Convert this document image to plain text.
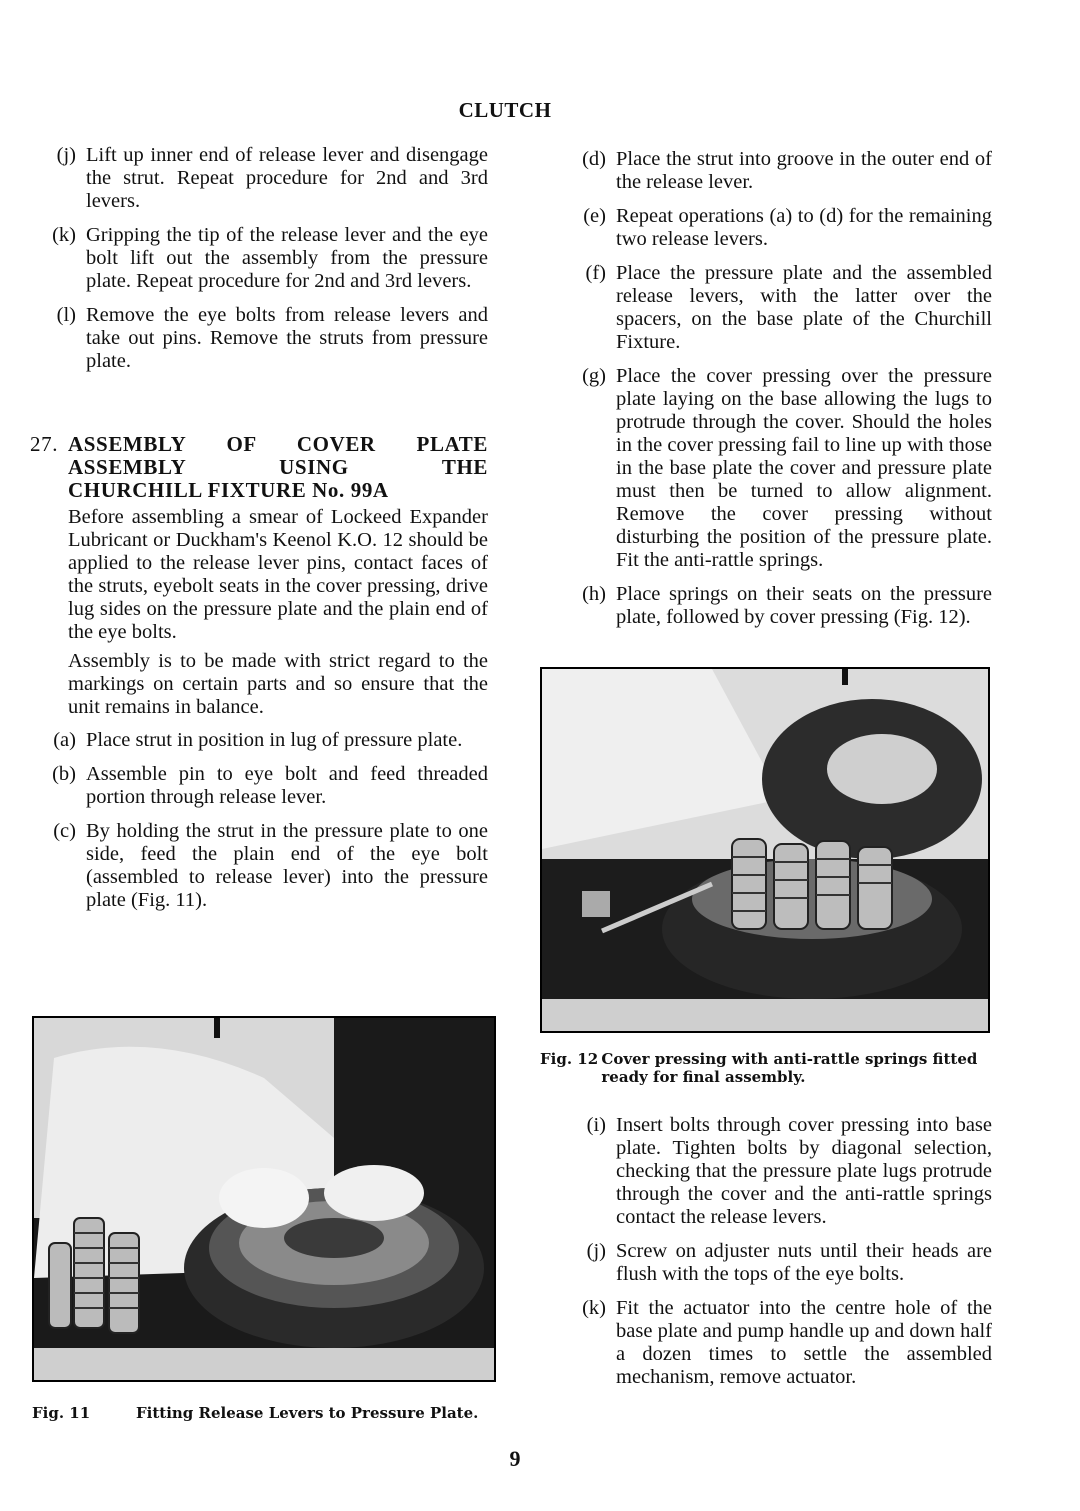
CLUTCH
(j) Lift up inner end of release lever and disengage the strut. Repeat procedure for 2nd and 3rd levers.
(k) Gripping the tip of the release lever and the eye bolt lift out the assembly from the pressure plate. Repeat procedure for 2nd and 3rd levers.
(l) Remove the eye bolts from release levers and take out pins. Remove the struts from pressure plate.
27. ASSEMBLY OF COVER PLATE
ASSEMBLY USING THE
CHURCHILL FIXTURE No. 99A

Before assembling a smear of Lockeed Expander Lubricant or Duckham's Keenol K.O. 12 should be applied to the release lever pins, contact faces of the struts, eyebolt seats in the cover pressing, drive lug sides on the pressure plate and the plain end of the eye bolts.

Assembly is to be made with strict regard to the markings on certain parts and so ensure that the unit remains in balance.

(a) Place strut in position in lug of pressure plate.
(b) Assemble pin to eye bolt and feed threaded portion through release lever.
(c) By holding the strut in the pressure plate to one side, feed the plain end of the eye bolt (assembled to release lever) into the pressure plate (Fig. 11).
Fig. 11	Fitting Release Levers to Pressure Plate.
(d) Place the strut into groove in the outer end of the release lever.
(e) Repeat operations (a) to (d) for the remaining two release levers.
(f) Place the pressure plate and the assembled release levers, with the latter over the spacers, on the base plate of the Churchill Fixture.
(g) Place the cover pressing over the pressure plate laying on the base allowing the lugs to protrude through the cover. Should the holes in the cover pressing fail to line up with those in the base plate the cover and pressure plate must then be turned to allow alignment. Remove the cover pressing without disturbing the position of the pressure plate. Fit the anti-rattle springs.
(h) Place springs on their seats on the pressure plate, followed by cover pressing (Fig. 12).
Fig. 12 Cover pressing with anti-rattle springs fitted ready for final assembly.
(i) Insert bolts through cover pressing into base plate. Tighten bolts by diagonal selection, checking that the pressure plate lugs protrude through the cover and the anti-rattle springs contact the release levers.
(j) Screw on adjuster nuts until their heads are flush with the tops of the eye bolts.
(k) Fit the actuator into the centre hole of the base plate and pump handle up and down half a dozen times to settle the assembled mechanism, remove actuator.
9
